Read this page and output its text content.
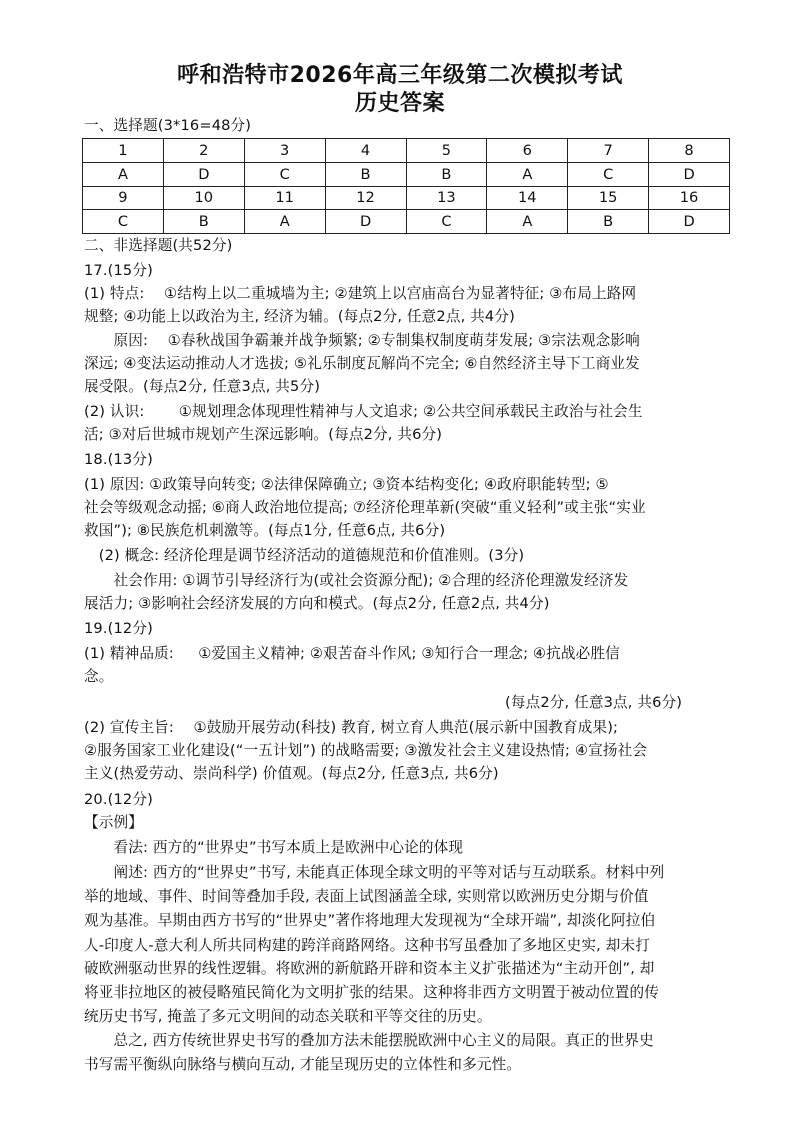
呼和浩特市2026年高三年级第二次模拟考试
历史答案
一、选择题(3*16=48分)
1	2	3	4	5	6	7	8
A	D	C	B	B	A	C	D
9	10	11	12	13	14	15	16
C	B	A	D	C	A	B	D
二、非选择题(共52分)
17.(15分)
(1) 特点:　 ①结构上以二重城墙为主; ②建筑上以宫庙高台为显著特征; ③布局上路网
规整; ④功能上以政治为主, 经济为辅。(每点2分, 任意2点, 共4分)
　　原因: 　①春秋战国争霸兼并战争频繁; ②专制集权制度萌芽发展; ③宗法观念影响
深远; ④变法运动推动人才选拔; ⑤礼乐制度瓦解尚不完全; ⑥自然经济主导下工商业发
展受限。(每点2分, 任意3点, 共5分)
(2) 认识:　　 ①规划理念体现理性精神与人文追求; ②公共空间承载民主政治与社会生
活; ③对后世城市规划产生深远影响。(每点2分, 共6分)
18.(13分)
(1) 原因: ①政策导向转变; ②法律保障确立; ③资本结构变化; ④政府职能转型; ⑤
社会等级观念动摇; ⑥商人政治地位提高; ⑦经济伦理革新(突破“重义轻利”或主张“实业
救国”); ⑧民族危机刺激等。(每点1分, 任意6点, 共6分)
　(2) 概念: 经济伦理是调节经济活动的道德规范和价值准则。(3分)
　　社会作用: ①调节引导经济行为(或社会资源分配); ②合理的经济伦理激发经济发
展活力; ③影响社会经济发展的方向和模式。(每点2分, 任意2点, 共4分)
19.(12分)
(1) 精神品质: 　 ①爱国主义精神; ②艰苦奋斗作风; ③知行合一理念; ④抗战必胜信
念。
(每点2分, 任意3点, 共6分)
(2) 宣传主旨: 　①鼓励开展劳动(科技) 教育, 树立育人典范(展示新中国教育成果);
②服务国家工业化建设(“一五计划”) 的战略需要; ③激发社会主义建设热情; ④宣扬社会
主义(热爱劳动、崇尚科学) 价值观。(每点2分, 任意3点, 共6分)
20.(12分)
【示例】
　　看法: 西方的“世界史”书写本质上是欧洲中心论的体现
　　阐述: 西方的“世界史”书写, 未能真正体现全球文明的平等对话与互动联系。材料中列
举的地域、事件、时间等叠加手段, 表面上试图涵盖全球, 实则常以欧洲历史分期与价值
观为基准。早期由西方书写的“世界史”著作将地理大发现视为“全球开端”, 却淡化阿拉伯
人-印度人-意大利人所共同构建的跨洋商路网络。这种书写虽叠加了多地区史实, 却未打
破欧洲驱动世界的线性逻辑。将欧洲的新航路开辟和资本主义扩张描述为“主动开创”, 却
将亚非拉地区的被侵略殖民简化为文明扩张的结果。这种将非西方文明置于被动位置的传
统历史书写, 掩盖了多元文明间的动态关联和平等交往的历史。
　　总之, 西方传统世界史书写的叠加方法未能摆脱欧洲中心主义的局限。真正的世界史
书写需平衡纵向脉络与横向互动, 才能呈现历史的立体性和多元性。
